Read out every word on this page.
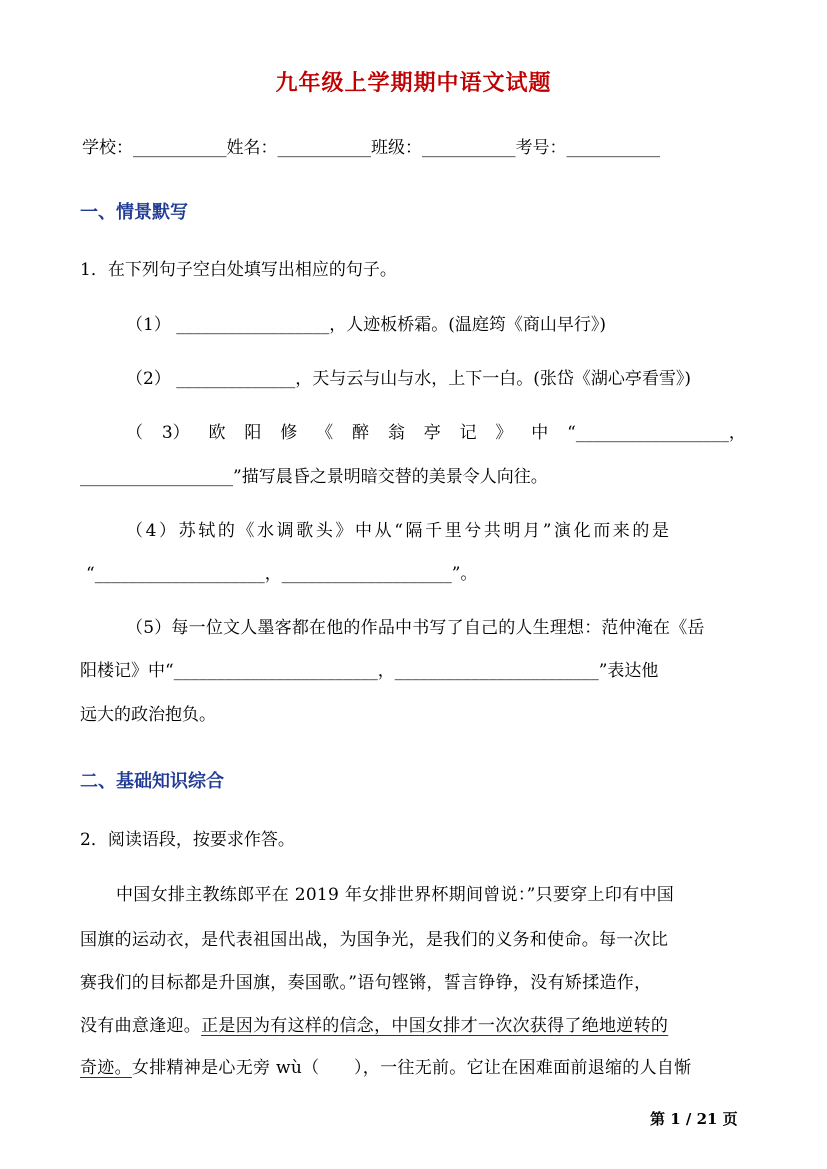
九年级上学期期中语文试题
学校：___________姓名：___________班级：___________考号：___________
一、情景默写
1．在下列句子空白处填写出相应的句子。
（1） __________________，人迹板桥霜。(温庭筠《商山早行》)
（2） ______________，天与云与山与水，上下一白。(张岱《湖心亭看雪》)
（ 3） 欧 阳 修 《 醉 翁 亭 记 》 中 “__________________，
__________________”描写晨昏之景明暗交替的美景令人向往。
（4）苏轼的《水调歌头》中从“隔千里兮共明月”演化而来的是
“____________________，____________________”。
（5）每一位文人墨客都在他的作品中书写了自己的人生理想：范仲淹在《岳
阳楼记》中“________________________，________________________”表达他
远大的政治抱负。
二、基础知识综合
2．阅读语段，按要求作答。
中国女排主教练郎平在 2019 年女排世界杯期间曾说：”只要穿上印有中国
国旗的运动衣，是代表祖国出战，为国争光，是我们的义务和使命。每一次比
赛我们的目标都是升国旗，奏国歌。”语句铿锵，誓言铮铮，没有矫揉造作，
没有曲意逢迎。正是因为有这样的信念，中国女排才一次次获得了绝地逆转的
奇迹。女排精神是心无旁 wù（　　），一往无前。它让在困难面前退缩的人自惭
第 1 / 21 页
